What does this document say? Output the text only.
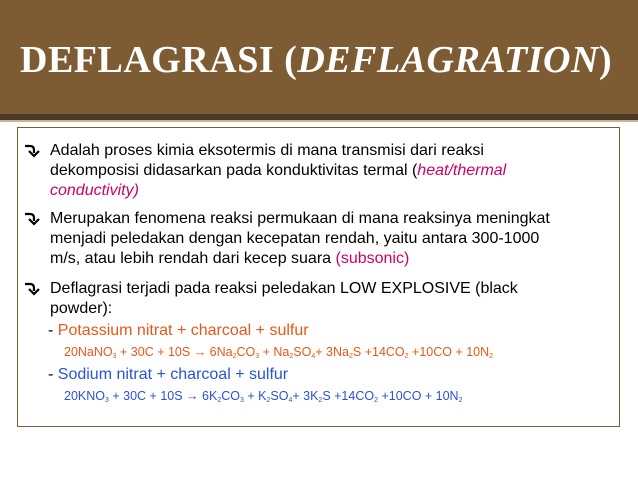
DEFLAGRASI (DEFLAGRATION)
Adalah proses kimia eksotermis di mana transmisi dari reaksi
dekomposisi didasarkan pada konduktivitas termal (heat/thermal
conductivity)
Merupakan fenomena reaksi permukaan di mana reaksinya meningkat
menjadi peledakan dengan kecepatan rendah, yaitu antara 300-1000
m/s, atau lebih rendah dari kecep suara (subsonic)
Deflagrasi terjadi pada reaksi peledakan LOW EXPLOSIVE (black
powder):
- Potassium nitrat + charcoal + sulfur
20NaNO$_3$ + $30C + 10S \to 6Na_2CO_3 + Na_2SO_4+ 3Na_2S +14CO_2 +10CO + 10N_2$
- Sodium nitrat + charcoal + sulfur
$20KNO_3 + 30C + 10S \to 6K_2CO_3 + K_2SO_4+ 3K_2S +14CO_2 +10CO + 10N_2$
